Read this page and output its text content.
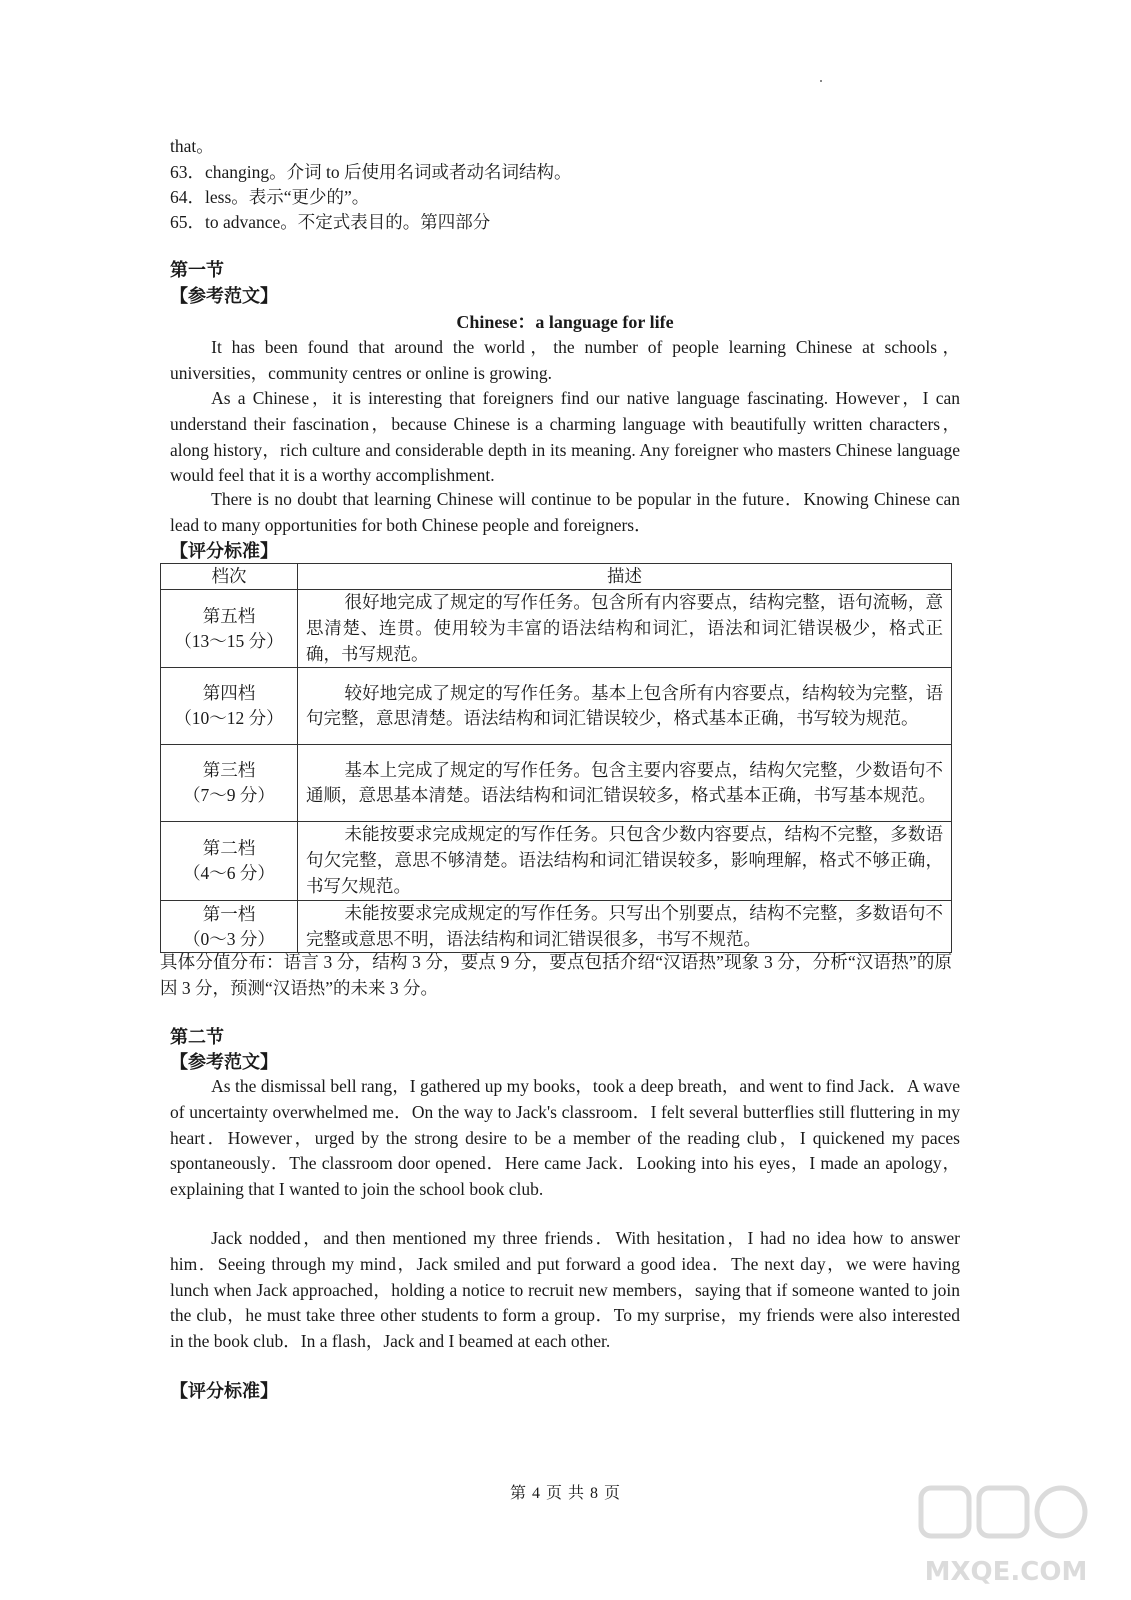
that。
63．changing。介词 to 后使用名词或者动名词结构。
64．less。表示“更少的”。
65．to advance。不定式表目的。第四部分
第一节
【参考范文】
Chinese：a language for life
It has been found that around the world，the number of people learning Chinese at schools，universities，community centres or online is growing.
As a Chinese，it is interesting that foreigners find our native language fascinating. However，I can understand their fascination，because Chinese is a charming language with beautifully written characters，along history，rich culture and considerable depth in its meaning. Any foreigner who masters Chinese language would feel that it is a worthy accomplishment.
There is no doubt that learning Chinese will continue to be popular in the future．Knowing Chinese can lead to many opportunities for both Chinese people and foreigners．
【评分标准】
档次	描述

第五档
（13～15 分）	很好地完成了规定的写作任务。包含所有内容要点，结构完整，语句流畅，意思清楚、连贯。使用较为丰富的语法结构和词汇，语法和词汇错误极少，格式正确，书写规范。

第四档
（10～12 分）	较好地完成了规定的写作任务。基本上包含所有内容要点，结构较为完整，语句完整，意思清楚。语法结构和词汇错误较少，格式基本正确，书写较为规范。

第三档
（7～9 分）	基本上完成了规定的写作任务。包含主要内容要点，结构欠完整，少数语句不通顺，意思基本清楚。语法结构和词汇错误较多，格式基本正确，书写基本规范。

第二档
（4～6 分）	未能按要求完成规定的写作任务。只包含少数内容要点，结构不完整，多数语句欠完整，意思不够清楚。语法结构和词汇错误较多，影响理解，格式不够正确，书写欠规范。

第一档
（0～3 分）	未能按要求完成规定的写作任务。只写出个别要点，结构不完整，多数语句不完整或意思不明，语法结构和词汇错误很多，书写不规范。
具体分值分布：语言 3 分，结构 3 分，要点 9 分，要点包括介绍“汉语热”现象 3 分，分析“汉语热”的原因 3 分，预测“汉语热”的未来 3 分。
第二节
【参考范文】
As the dismissal bell rang，I gathered up my books，took a deep breath，and went to find Jack．A wave of uncertainty overwhelmed me．On the way to Jack's classroom．I felt several butterflies still fluttering in my heart．However，urged by the strong desire to be a member of the reading club，I quickened my paces spontaneously．The classroom door opened．Here came Jack．Looking into his eyes，I made an apology，explaining that I wanted to join the school book club.
Jack nodded，and then mentioned my three friends．With hesitation，I had no idea how to answer him．Seeing through my mind，Jack smiled and put forward a good idea．The next day，we were having lunch when Jack approached，holding a notice to recruit new members，saying that if someone wanted to join the club，he must take three other students to form a group．To my surprise，my friends were also interested in the book club．In a flash，Jack and I beamed at each other.
【评分标准】
第 4 页 共 8 页
MXQE.COM
